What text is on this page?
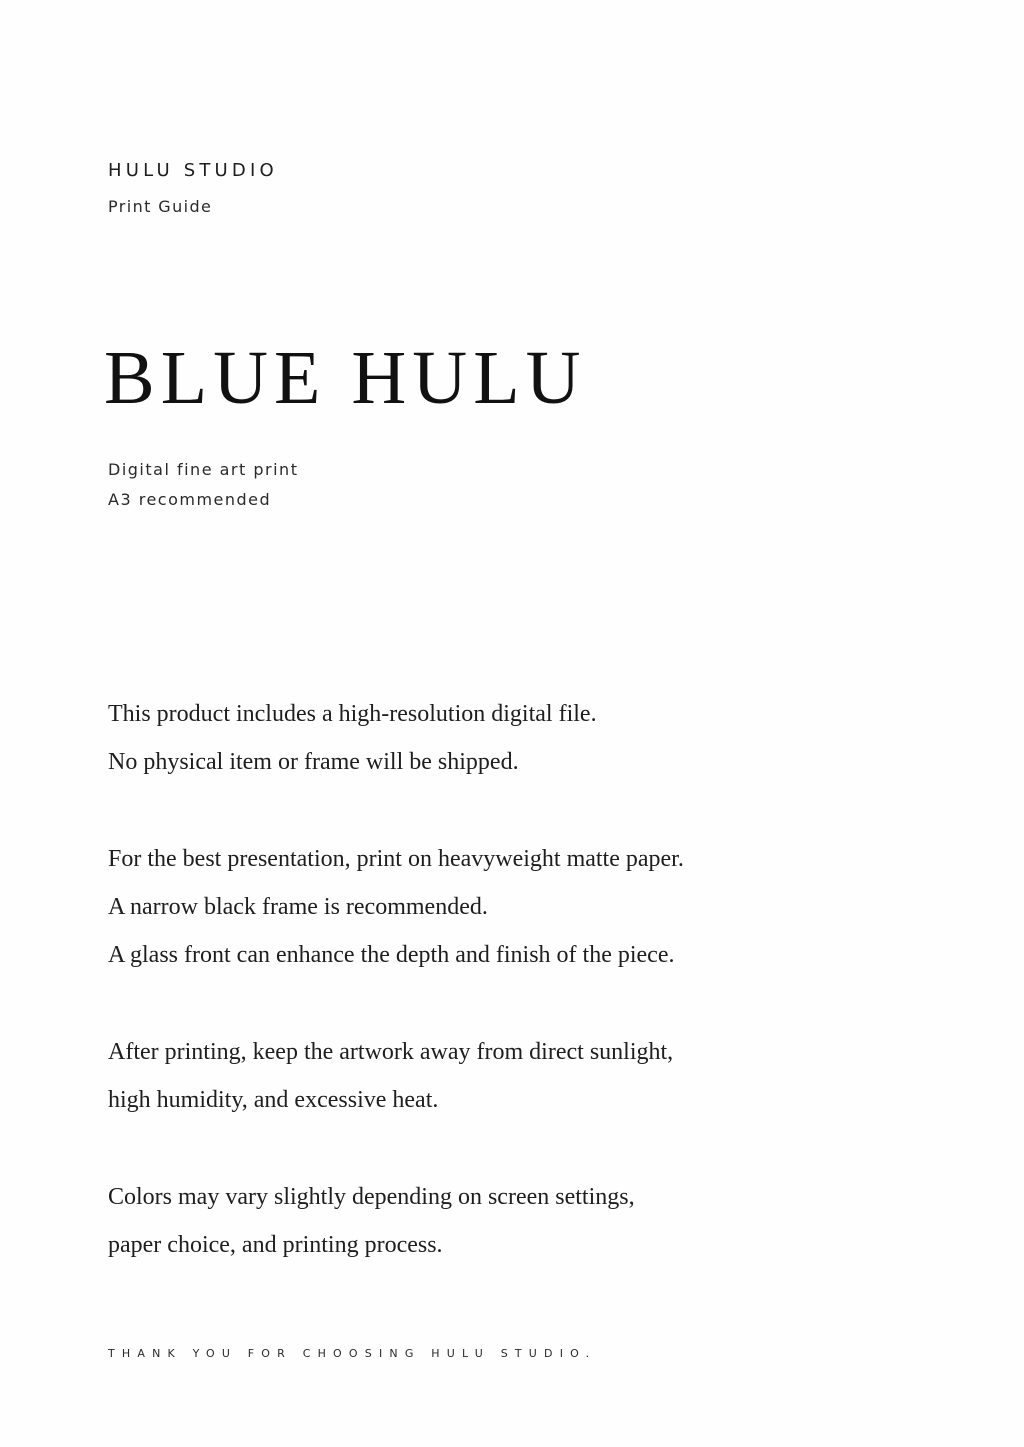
HULU STUDIO
Print Guide
BLUE HULU
Digital fine art print
A3 recommended
This product includes a high-resolution digital file.
No physical item or frame will be shipped.
For the best presentation, print on heavyweight matte paper.
A narrow black frame is recommended.
A glass front can enhance the depth and finish of the piece.
After printing, keep the artwork away from direct sunlight,
high humidity, and excessive heat.
Colors may vary slightly depending on screen settings,
paper choice, and printing process.
THANK YOU FOR CHOOSING HULU STUDIO.
